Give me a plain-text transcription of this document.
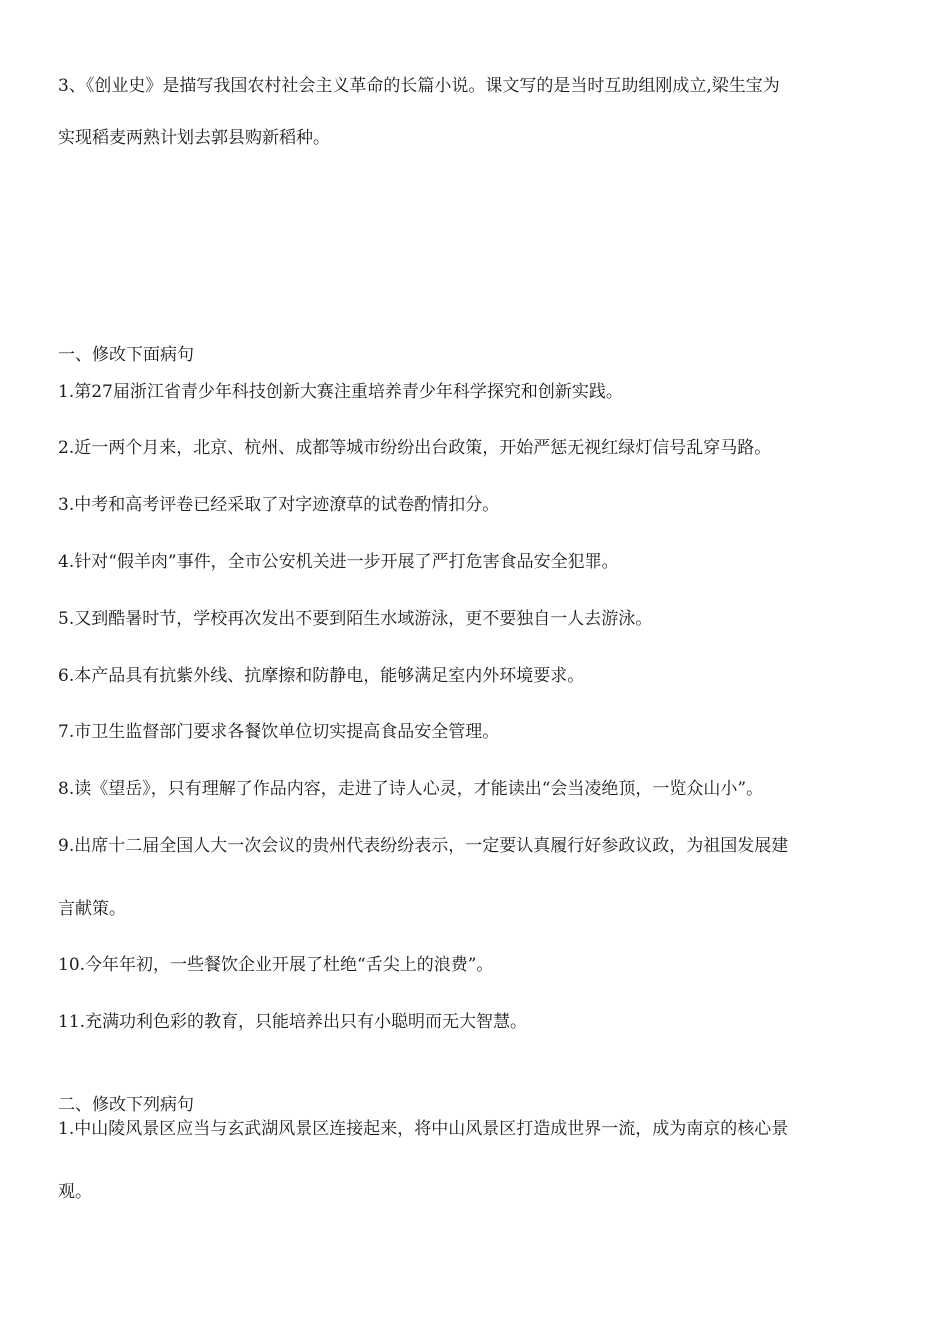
3、《创业史》是描写我国农村社会主义革命的长篇小说。课文写的是当时互助组刚成立,梁生宝为
实现稻麦两熟计划去郭县购新稻种。
一、修改下面病句
1.第27届浙江省青少年科技创新大赛注重培养青少年科学探究和创新实践。
2.近一两个月来，北京、杭州、成都等城市纷纷出台政策，开始严惩无视红绿灯信号乱穿马路。
3.中考和高考评卷已经采取了对字迹潦草的试卷酌情扣分。
4.针对“假羊肉”事件，全市公安机关进一步开展了严打危害食品安全犯罪。
5.又到酷暑时节，学校再次发出不要到陌生水域游泳，更不要独自一人去游泳。
6.本产品具有抗紫外线、抗摩擦和防静电，能够满足室内外环境要求。
7.市卫生监督部门要求各餐饮单位切实提高食品安全管理。
8.读《望岳》，只有理解了作品内容，走进了诗人心灵，才能读出“会当凌绝顶，一览众山小”。
9.出席十二届全国人大一次会议的贵州代表纷纷表示，一定要认真履行好参政议政，为祖国发展建
言献策。
10.今年年初，一些餐饮企业开展了杜绝“舌尖上的浪费”。
11.充满功利色彩的教育，只能培养出只有小聪明而无大智慧。
二、修改下列病句
1.中山陵风景区应当与玄武湖风景区连接起来，将中山风景区打造成世界一流，成为南京的核心景
观。
